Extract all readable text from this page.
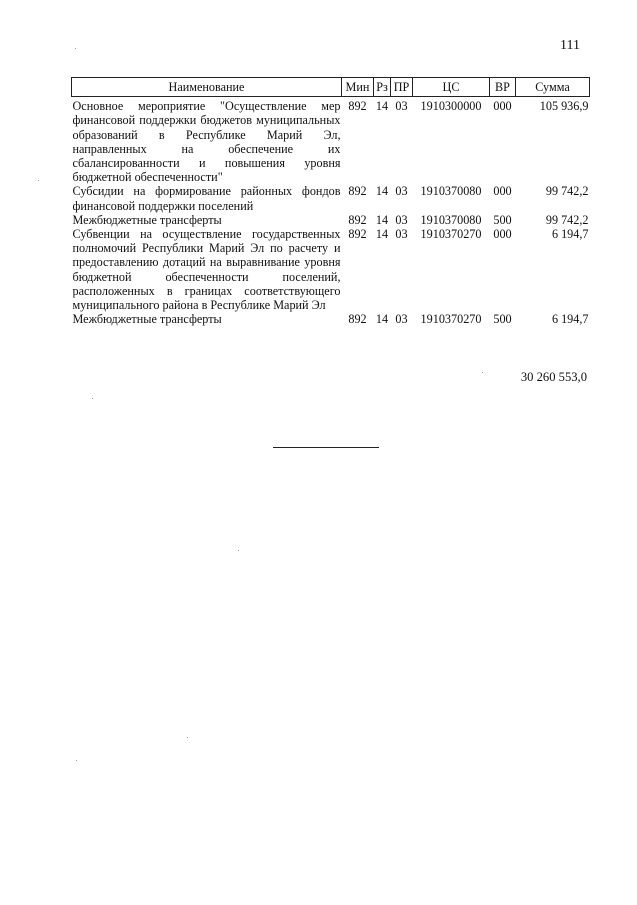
111
Наименование	Мин	Рз	ПР	ЦС	ВР	Сумма
Основное мероприятие "Осуществление мер финансовой поддержки бюджетов муниципальных образований в Республике Марий Эл, направленных на обеспечение их сбалансированности и повышения уровня бюджетной обеспеченности"	892	14	03	1910300000	000	105 936,9
Субсидии на формирование районных фондов финансовой поддержки поселений	892	14	03	1910370080	000	99 742,2
Межбюджетные трансферты	892	14	03	1910370080	500	99 742,2
Субвенции на осуществление государственных полномочий Республики Марий Эл по расчету и предоставлению дотаций на выравнивание уровня бюджетной обеспеченности поселений, расположенных в границах соответствующего муниципального района в Республике Марий Эл	892	14	03	1910370270	000	6 194,7
Межбюджетные трансферты	892	14	03	1910370270	500	6 194,7
30 260 553,0
